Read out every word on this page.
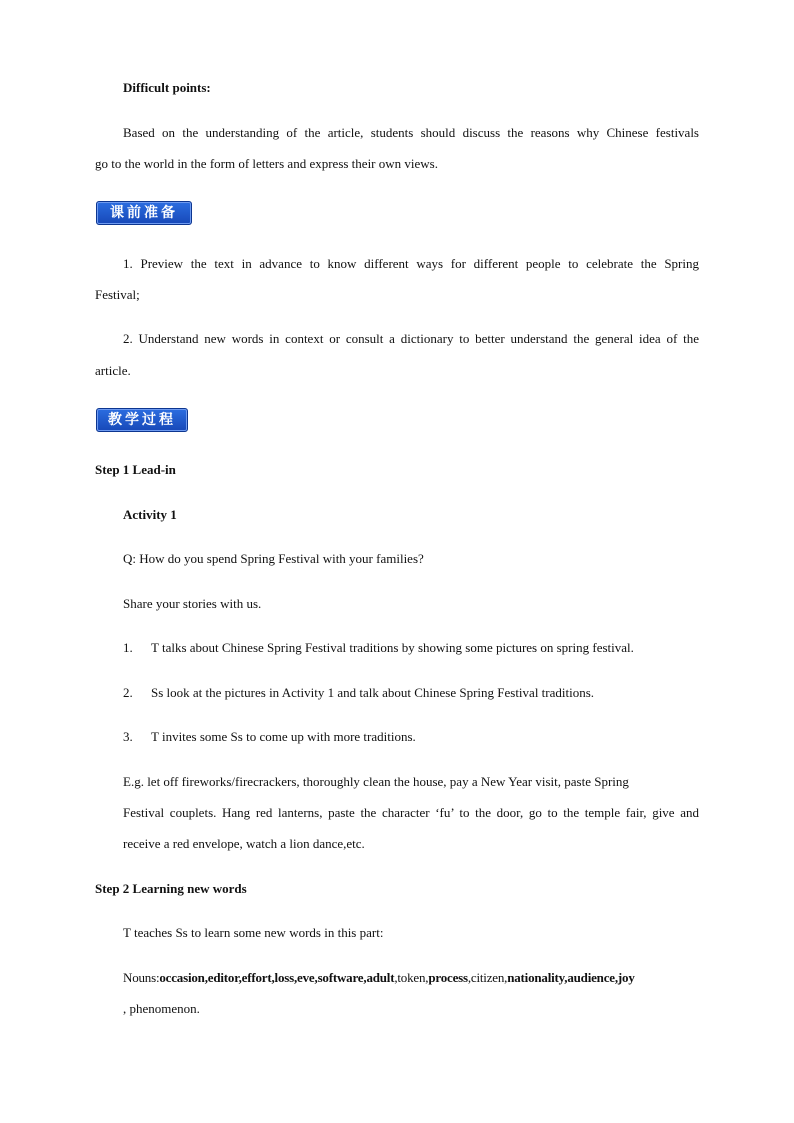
Difficult points:
Based on the understanding of the article, students should discuss the reasons why Chinese festivals
go to the world in the form of letters and express their own views.
课前准备
1. Preview the text in advance to know different ways for different people to celebrate the Spring
Festival;
2. Understand new words in context or consult a dictionary to better understand the general idea of the
article.
教学过程
Step 1 Lead-in
Activity 1
Q: How do you spend Spring Festival with your families?
Share your stories with us.
1. T talks about Chinese Spring Festival traditions by showing some pictures on spring festival.
2. Ss look at the pictures in Activity 1 and talk about Chinese Spring Festival traditions.
3. T invites some Ss to come up with more traditions.
E.g. let off fireworks/firecrackers, thoroughly clean the house, pay a New Year visit, paste Spring
Festival couplets. Hang red lanterns, paste the character ‘fu’ to the door, go to the temple fair, give and
receive a red envelope, watch a lion dance,etc.
Step 2 Learning new words
T teaches Ss to learn some new words in this part:
Nouns:occasion,editor,effort,loss,eve,software,adult,token,process,citizen,nationality,audience,joy
, phenomenon.
